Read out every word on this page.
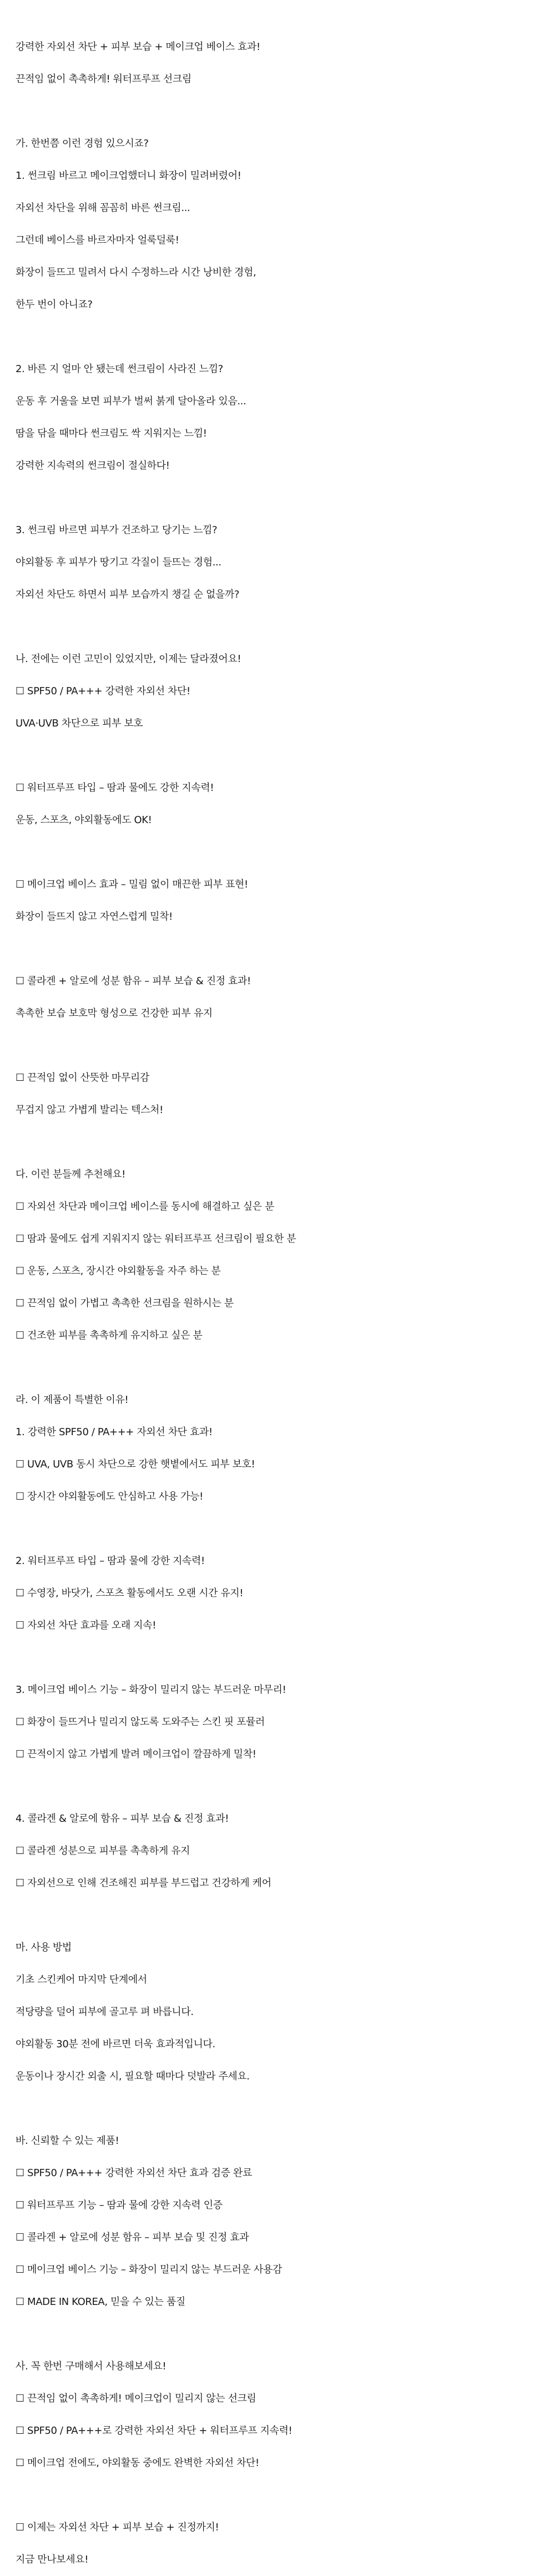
강력한 자외선 차단 + 피부 보습 + 메이크업 베이스 효과!
끈적임 없이 촉촉하게! 워터프루프 선크림
가. 한번쯤 이런 경험 있으시죠?
1. 썬크림 바르고 메이크업했더니 화장이 밀려버렸어!
자외선 차단을 위해 꼼꼼히 바른 썬크림...
그런데 베이스를 바르자마자 얼룩덜룩!
화장이 들뜨고 밀려서 다시 수정하느라 시간 낭비한 경험,
한두 번이 아니죠?
2. 바른 지 얼마 안 됐는데 썬크림이 사라진 느낌?
운동 후 거울을 보면 피부가 벌써 붉게 달아올라 있음...
땀을 닦을 때마다 썬크림도 싹 지워지는 느낌!
강력한 지속력의 썬크림이 절실하다!
3. 썬크림 바르면 피부가 건조하고 당기는 느낌?
야외활동 후 피부가 땅기고 각질이 들뜨는 경험...
자외선 차단도 하면서 피부 보습까지 챙길 순 없을까?
나. 전에는 이런 고민이 있었지만, 이제는 달라졌어요!
☐ SPF50 / PA+++ 강력한 자외선 차단!
UVA·UVB 차단으로 피부 보호
☐ 워터프루프 타입 – 땀과 물에도 강한 지속력!
운동, 스포츠, 야외활동에도 OK!
☐ 메이크업 베이스 효과 – 밀림 없이 매끈한 피부 표현!
화장이 들뜨지 않고 자연스럽게 밀착!
☐ 콜라겐 + 알로에 성분 함유 – 피부 보습 & 진정 효과!
촉촉한 보습 보호막 형성으로 건강한 피부 유지
☐ 끈적임 없이 산뜻한 마무리감
무겁지 않고 가볍게 발리는 텍스처!
다. 이런 분들께 추천해요!
☐ 자외선 차단과 메이크업 베이스를 동시에 해결하고 싶은 분
☐ 땀과 물에도 쉽게 지워지지 않는 워터프루프 선크림이 필요한 분
☐ 운동, 스포츠, 장시간 야외활동을 자주 하는 분
☐ 끈적임 없이 가볍고 촉촉한 선크림을 원하시는 분
☐ 건조한 피부를 촉촉하게 유지하고 싶은 분
라. 이 제품이 특별한 이유!
1. 강력한 SPF50 / PA+++ 자외선 차단 효과!
☐ UVA, UVB 동시 차단으로 강한 햇볕에서도 피부 보호!
☐ 장시간 야외활동에도 안심하고 사용 가능!
2. 워터프루프 타입 – 땀과 물에 강한 지속력!
☐ 수영장, 바닷가, 스포츠 활동에서도 오랜 시간 유지!
☐ 자외선 차단 효과를 오래 지속!
3. 메이크업 베이스 기능 – 화장이 밀리지 않는 부드러운 마무리!
☐ 화장이 들뜨거나 밀리지 않도록 도와주는 스킨 핏 포뮬러
☐ 끈적이지 않고 가볍게 발려 메이크업이 깔끔하게 밀착!
4. 콜라겐 & 알로에 함유 – 피부 보습 & 진정 효과!
☐ 콜라겐 성분으로 피부를 촉촉하게 유지
☐ 자외선으로 인해 건조해진 피부를 부드럽고 건강하게 케어
마. 사용 방법
기초 스킨케어 마지막 단계에서
적당량을 덜어 피부에 골고루 펴 바릅니다.
야외활동 30분 전에 바르면 더욱 효과적입니다.
운동이나 장시간 외출 시, 필요할 때마다 덧발라 주세요.
바. 신뢰할 수 있는 제품!
☐ SPF50 / PA+++ 강력한 자외선 차단 효과 검증 완료
☐ 워터프루프 기능 – 땀과 물에 강한 지속력 인증
☐ 콜라겐 + 알로에 성분 함유 – 피부 보습 및 진정 효과
☐ 메이크업 베이스 기능 – 화장이 밀리지 않는 부드러운 사용감
☐ MADE IN KOREA, 믿을 수 있는 품질
사. 꼭 한번 구매해서 사용해보세요!
☐ 끈적임 없이 촉촉하게! 메이크업이 밀리지 않는 선크림
☐ SPF50 / PA+++로 강력한 자외선 차단 + 워터프루프 지속력!
☐ 메이크업 전에도, 야외활동 중에도 완벽한 자외선 차단!
☐ 이제는 자외선 차단 + 피부 보습 + 진정까지!
지금 만나보세요!
